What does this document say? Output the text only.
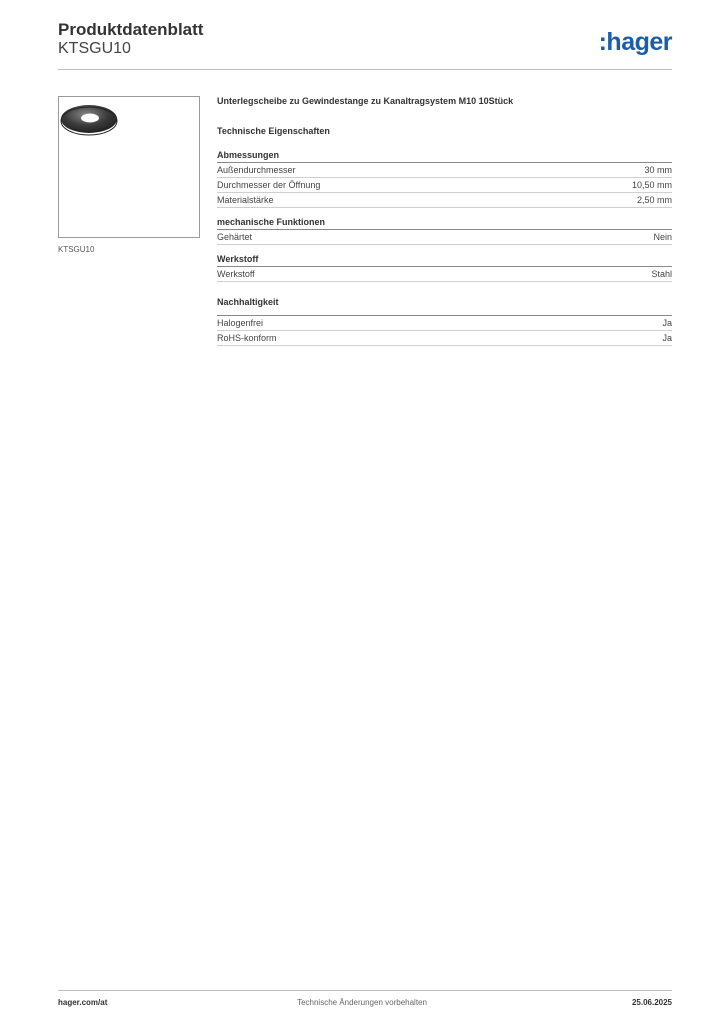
Produktdatenblatt
KTSGU10	:hager
KTSGU10
Unterlegscheibe zu Gewindestange zu Kanaltragsystem M10 10Stück
Technische Eigenschaften
Abmessungen
Außendurchmesser	30 mm
Durchmesser der Öffnung	10,50 mm
Materialstärke	2,50 mm
mechanische Funktionen
Gehärtet	Nein
Werkstoff
Werkstoff	Stahl
Nachhaltigkeit
Halogenfrei	Ja
RoHS-konform	Ja
hager.com/at	Technische Änderungen vorbehalten	25.06.2025
